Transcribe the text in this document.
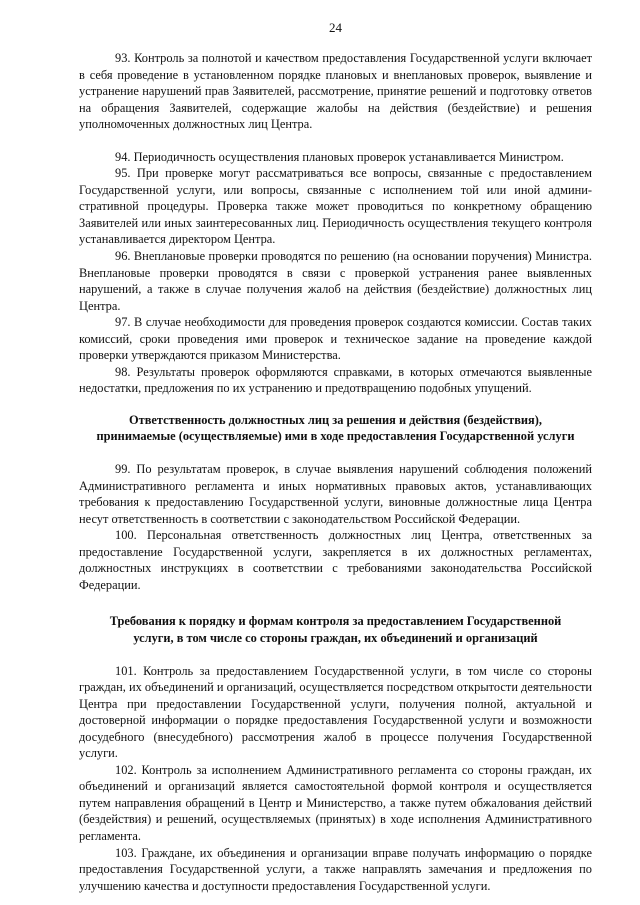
24

93. Контроль за полнотой и качеством предоставления Государственной услуги включает в себя проведение в установленном порядке плановых и внеплановых проверок, выявление и устранение нарушений прав Заявителей, рассмотрение, принятие решений и подготовку ответов на обращения Заявителей, содержащие жалобы на действия (бездействие) и решения уполномоченных должностных лиц Центра.

94. Периодичность осуществления плановых проверок устанавливается Министром.

95. При проверке могут рассматриваться все вопросы, связанные с предоставлением Государственной услуги, или вопросы, связанные с исполнением той или иной административной процедуры. Проверка также может проводиться по конкретному обращению Заявителей или иных заинтересованных лиц. Периодичность осуществления текущего контроля устанавливается директором Центра.

96. Внеплановые проверки проводятся по решению (на основании поручения) Министра. Внеплановые проверки проводятся в связи с проверкой устранения ранее выявленных нарушений, а также в случае получения жалоб на действия (бездействие) должностных лиц Центра.

97. В случае необходимости для проведения проверок создаются комиссии. Состав таких комиссий, сроки проведения ими проверок и техническое задание на проведение каждой проверки утверждаются приказом Министерства.

98. Результаты проверок оформляются справками, в которых отмечаются выявленные недостатки, предложения по их устранению и предотвращению подобных упущений.

Ответственность должностных лиц за решения и действия (бездействия),
принимаемые (осуществляемые) ими в ходе предоставления Государственной услуги

99. По результатам проверок, в случае выявления нарушений соблюдения положений Административного регламента и иных нормативных правовых актов, устанавливающих требования к предоставлению Государственной услуги, виновные должностные лица Центра несут ответственность в соответствии с законодательством Российской Федерации.

100. Персональная ответственность должностных лиц Центра, ответственных за предоставление Государственной услуги, закрепляется в их должностных регламентах, должностных инструкциях в соответствии с требованиями законодательства Российской Федерации.

Требования к порядку и формам контроля за предоставлением Государственной
услуги, в том числе со стороны граждан, их объединений и организаций

101. Контроль за предоставлением Государственной услуги, в том числе со стороны граждан, их объединений и организаций, осуществляется посредством открытости деятельности Центра при предоставлении Государственной услуги, получения полной, актуальной и достоверной информации о порядке предоставления Государственной услуги и возможности досудебного (внесудебного) рассмотрения жалоб в процессе получения Государственной услуги.

102. Контроль за исполнением Административного регламента со стороны граждан, их объединений и организаций является самостоятельной формой контроля и осуществляется путем направления обращений в Центр и Министерство, а также путем обжалования действий (бездействия) и решений, осуществляемых (принятых) в ходе исполнения Административного регламента.

103. Граждане, их объединения и организации вправе получать информацию о порядке предоставления Государственной услуги, а также направлять замечания и предложения по улучшению качества и доступности предоставления Государственной услуги.
